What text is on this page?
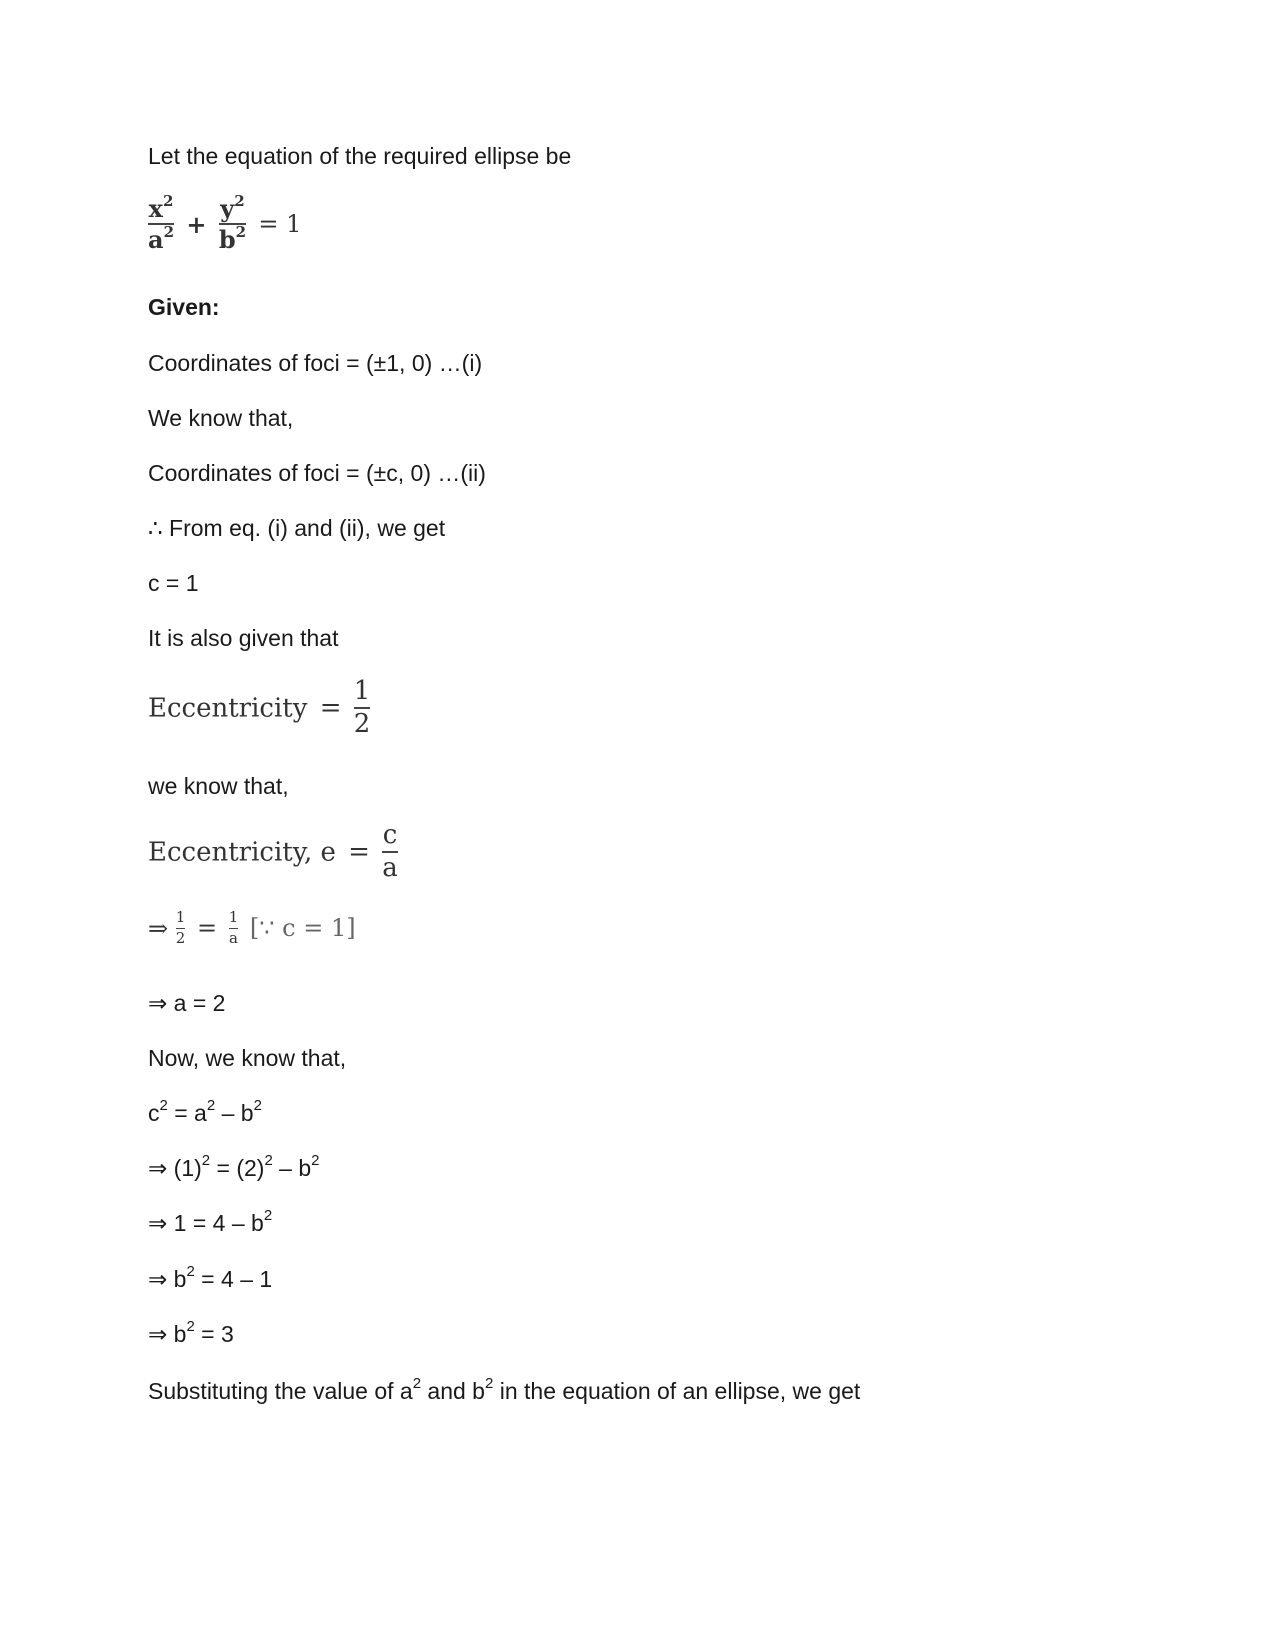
Let the equation of the required ellipse be
$\frac{x^2}{a^2} + \frac{y^2}{b^2} = 1$
Given:
Coordinates of foci = (±1, 0) …(i)
We know that,
Coordinates of foci = (±c, 0) …(ii)
∴ From eq. (i) and (ii), we get
c = 1
It is also given that
Eccentricity = $\frac{1}{2}$
we know that,
Eccentricity, $e = \frac{c}{a}$
⇒ $\frac{1}{2} = \frac{1}{a}$ [∵ c = 1]
⇒ a = 2
Now, we know that,
$c^2 = a^2 - b^2$
⇒ $(1)^2 = (2)^2 - b^2$
⇒ $1 = 4 - b^2$
⇒ $b^2 = 4 - 1$
⇒ $b^2 = 3$
Substituting the value of $a^2$ and $b^2$ in the equation of an ellipse, we get
